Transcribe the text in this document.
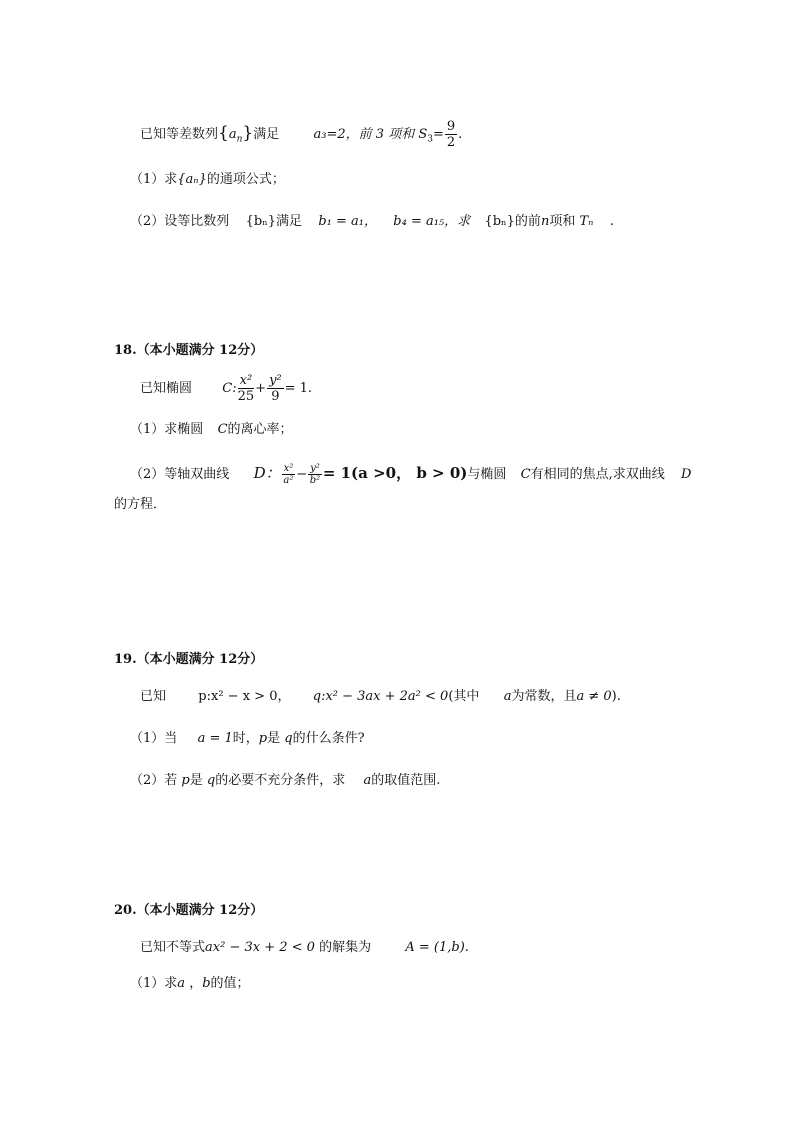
已知等差数列$\{a_n\}$满足	a₃=2，前 3 项和 $S_3= \frac{9}{2}$ .
（1）求{aₙ}的通项公式；
（2）设等比数列 {bₙ}满足 b₁ = a₁， b₄ = a₁₅，求 {bₙ}的前n项和 Tₙ .
18.（本小题满分 12分）
已知椭圆 C: $\frac{\text{x²}}{25} + \frac{\text{y²}}{9} = 1$.
（1）求椭圆 C的离心率；
（2）等轴双曲线 D： $\frac{\text{x²}}{\text{a²}} - \frac{\text{y²}}{\text{b²}} = 1(a >0$， b > 0)与椭圆 C有相同的焦点,求双曲线 D
的方程．
19.（本小题满分 12分）
已知 p:x² − x > 0， q:x² − 3ax + 2a² < 0(其中 a为常数，且a ≠ 0).
（1）当 a = 1时，p是 q的什么条件?
（2）若 p是 q的必要不充分条件，求 a的取值范围.
20.（本小题满分 12分）
已知不等式ax² − 3x + 2 < 0 的解集为	A = (1,b).
（1）求a ，b的值；
